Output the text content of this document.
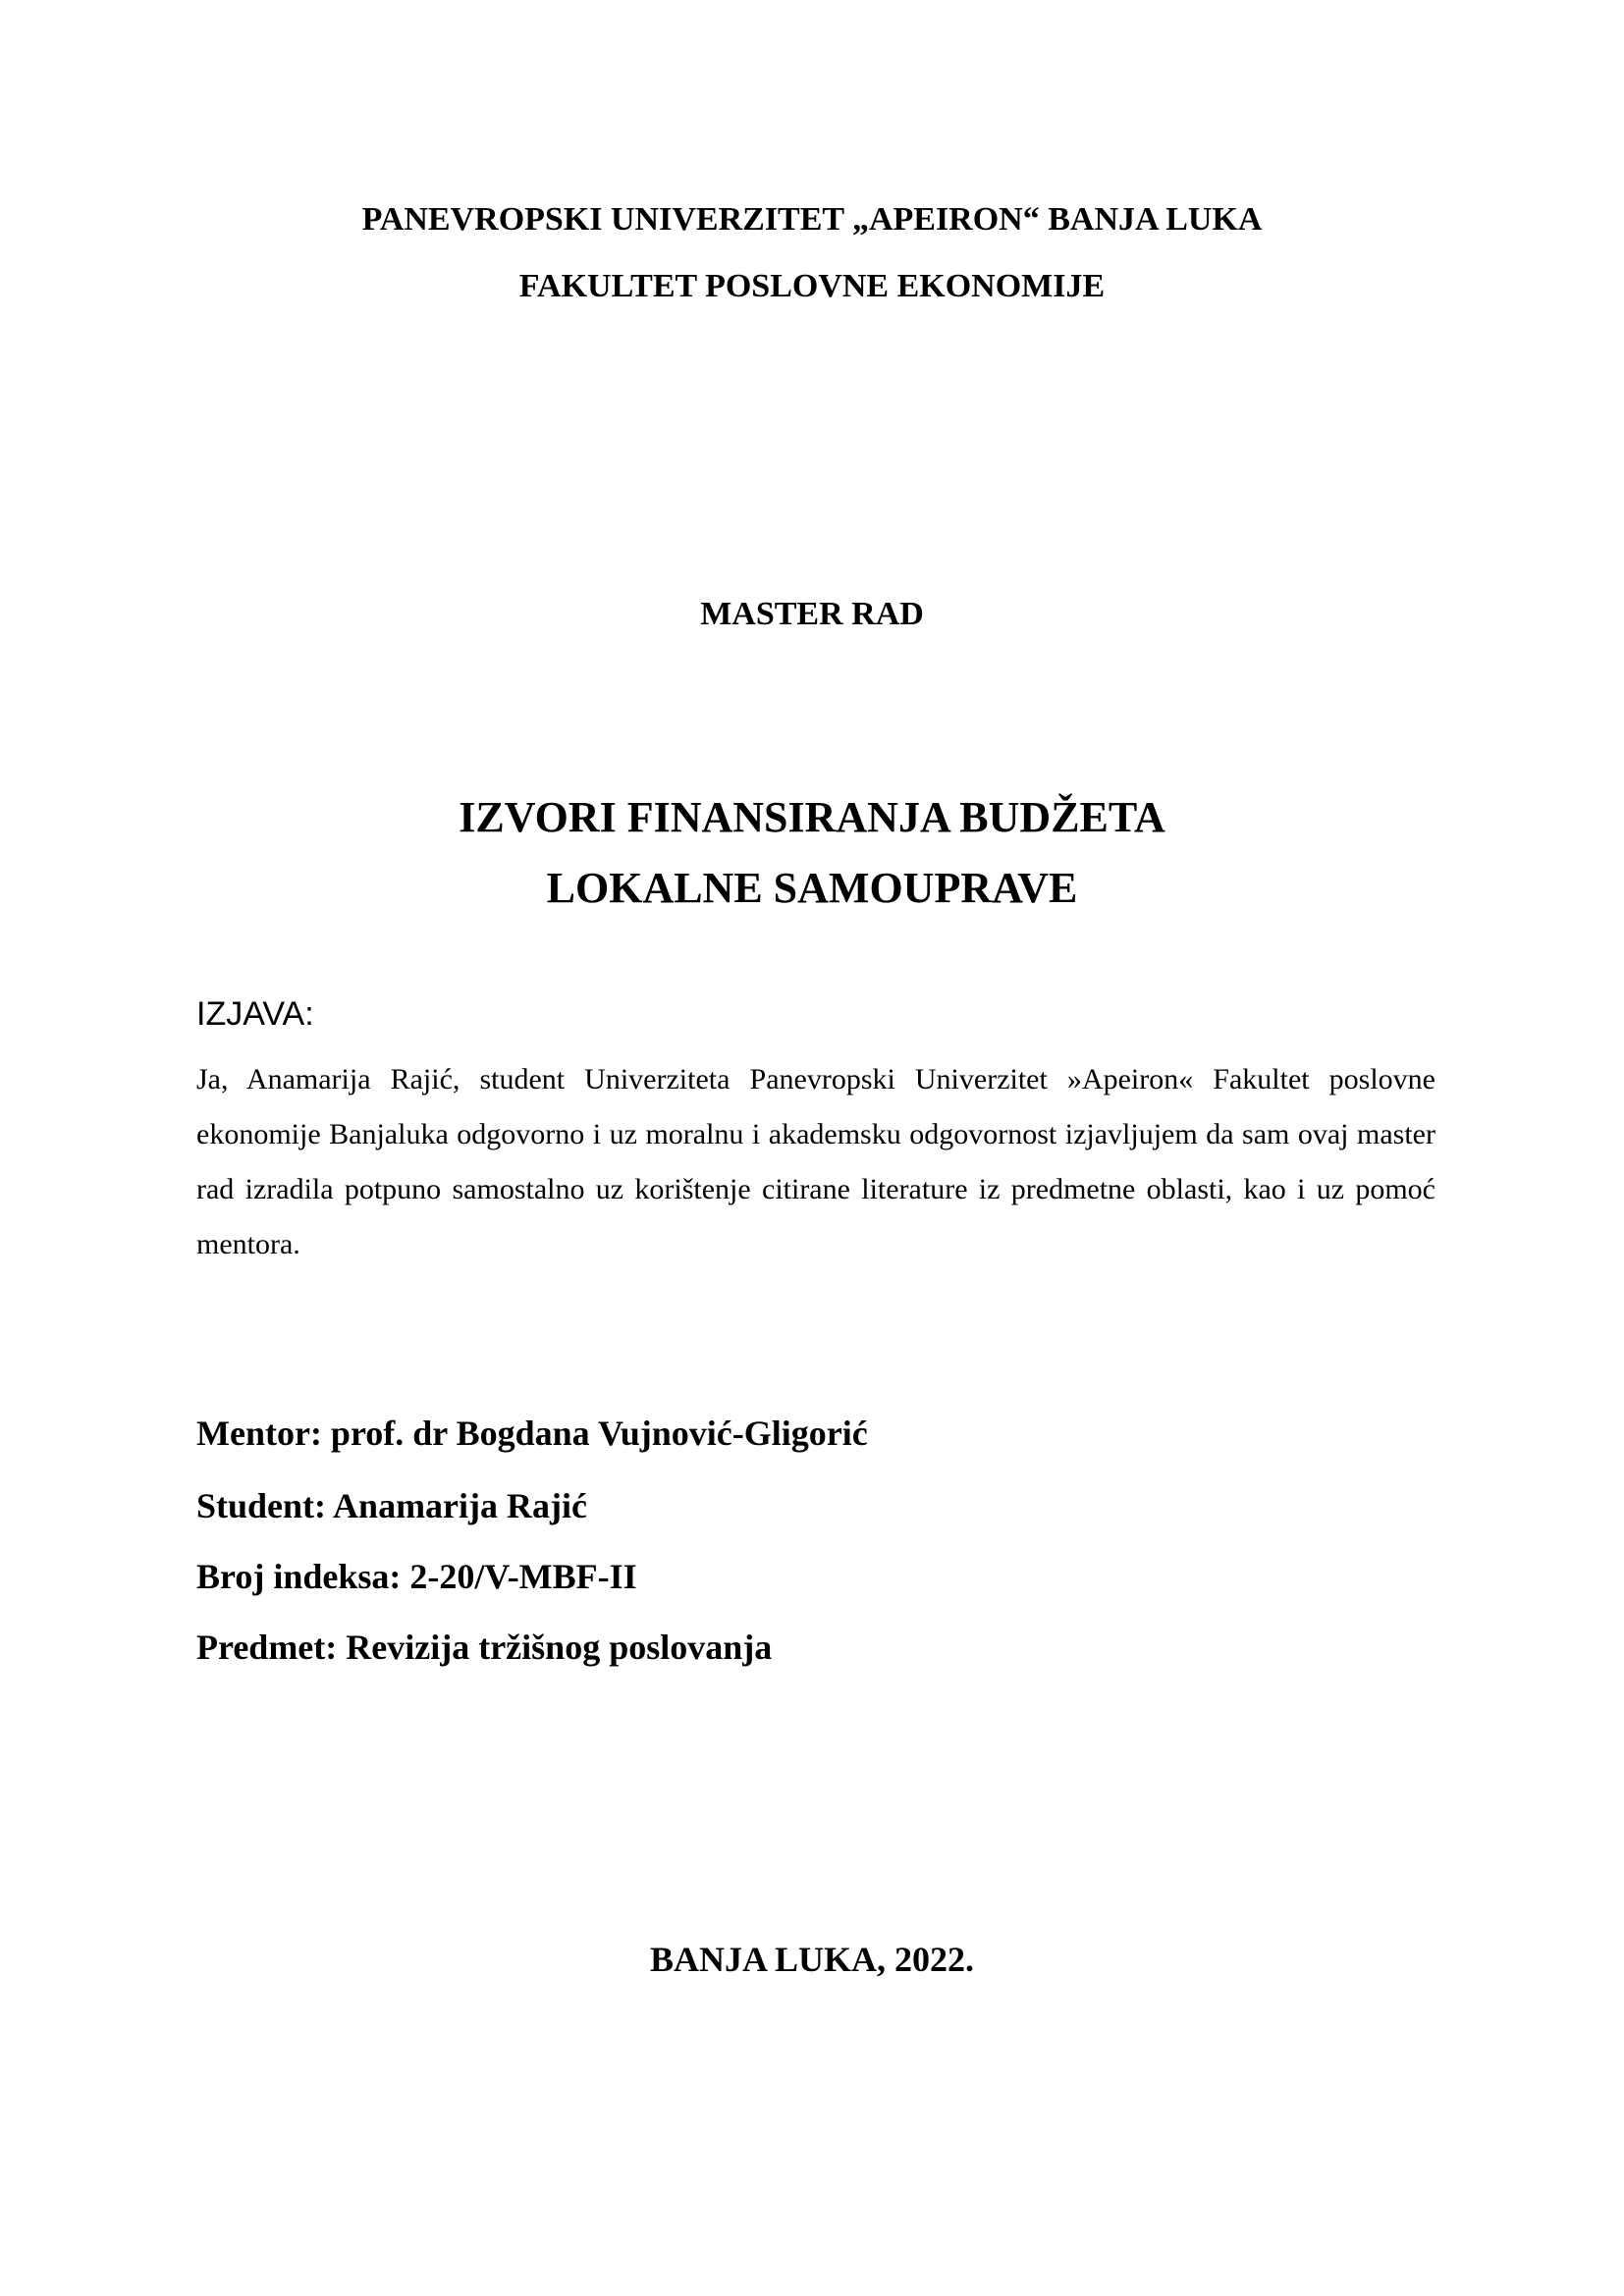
PANEVROPSKI UNIVERZITET „APEIRON“ BANJA LUKA
FAKULTET POSLOVNE EKONOMIJE
MASTER RAD
IZVORI FINANSIRANJA BUDŽETA
LOKALNE SAMOUPRAVE
IZJAVA:
Ja, Anamarija Rajić, student Univerziteta Panevropski Univerzitet »Apeiron« Fakultet poslovne ekonomije Banjaluka odgovorno i uz moralnu i akademsku odgovornost izjavljujem da sam ovaj master rad izradila potpuno samostalno uz korištenje citirane literature iz predmetne oblasti, kao i uz pomoć mentora.
Mentor: prof. dr Bogdana Vujnović-Gligorić
Student: Anamarija Rajić
Broj indeksa: 2-20/V-MBF-II
Predmet: Revizija tržišnog poslovanja
BANJA LUKA, 2022.
